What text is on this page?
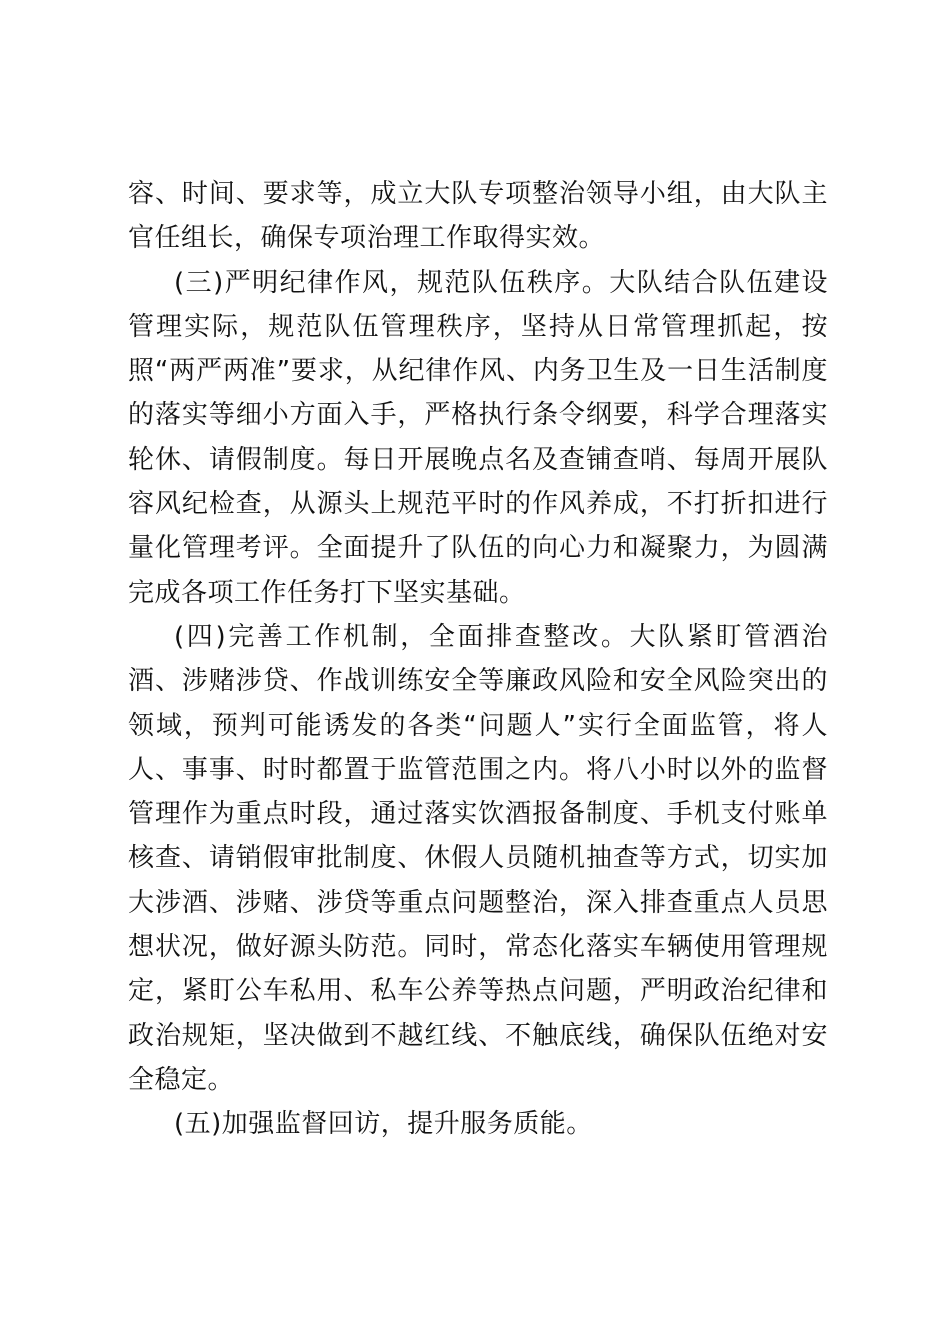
容、时间、要求等，成立大队专项整治领导小组，由大队主官任组长，确保专项治理工作取得实效。

(三)严明纪律作风，规范队伍秩序。大队结合队伍建设管理实际，规范队伍管理秩序，坚持从日常管理抓起，按照“两严两准”要求，从纪律作风、内务卫生及一日生活制度的落实等细小方面入手，严格执行条令纲要，科学合理落实轮休、请假制度。每日开展晚点名及查铺查哨、每周开展队容风纪检查，从源头上规范平时的作风养成，不打折扣进行量化管理考评。全面提升了队伍的向心力和凝聚力，为圆满完成各项工作任务打下坚实基础。

(四)完善工作机制，全面排查整改。大队紧盯管酒治酒、涉赌涉贷、作战训练安全等廉政风险和安全风险突出的领域，预判可能诱发的各类“问题人”实行全面监管，将人人、事事、时时都置于监管范围之内。将八小时以外的监督管理作为重点时段，通过落实饮酒报备制度、手机支付账单核查、请销假审批制度、休假人员随机抽查等方式，切实加大涉酒、涉赌、涉贷等重点问题整治，深入排查重点人员思想状况，做好源头防范。同时，常态化落实车辆使用管理规定，紧盯公车私用、私车公养等热点问题，严明政治纪律和政治规矩，坚决做到不越红线、不触底线，确保队伍绝对安全稳定。

(五)加强监督回访，提升服务质能。
